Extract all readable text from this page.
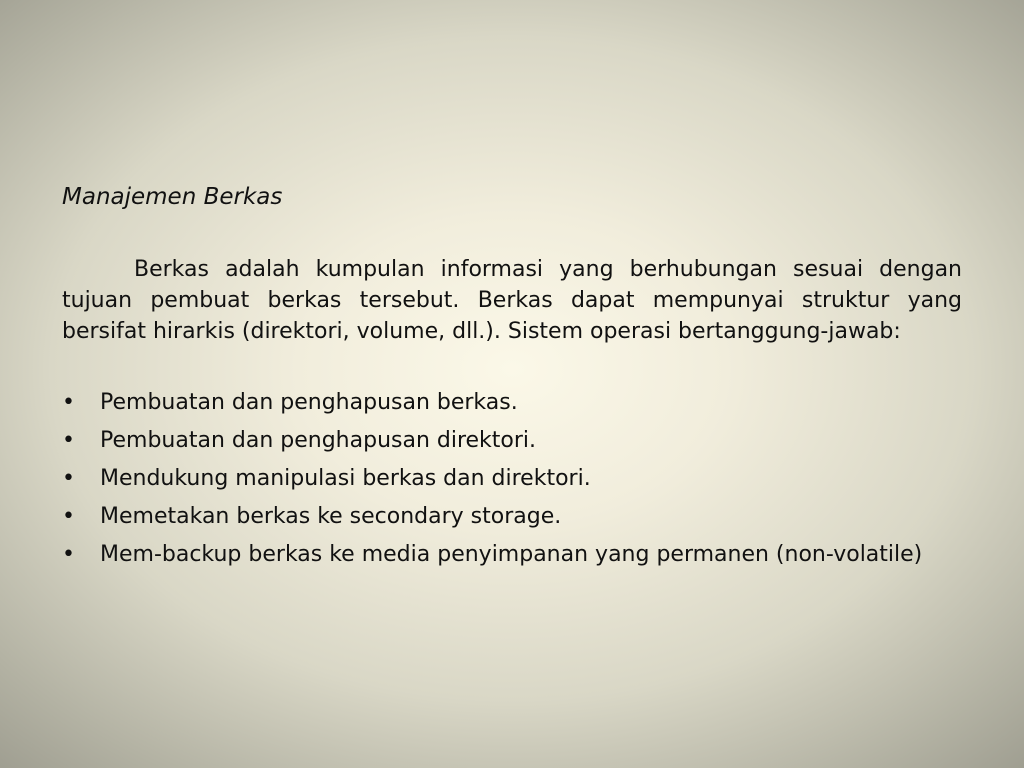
Manajemen Berkas

Berkas adalah kumpulan informasi yang berhubungan sesuai dengan tujuan pembuat berkas tersebut. Berkas dapat mempunyai struktur yang bersifat hirarkis (direktori, volume, dll.). Sistem operasi bertanggung-jawab:

• Pembuatan dan penghapusan berkas.
• Pembuatan dan penghapusan direktori.
• Mendukung manipulasi berkas dan direktori.
• Memetakan berkas ke secondary storage.
• Mem-backup berkas ke media penyimpanan yang permanen (non-volatile)
